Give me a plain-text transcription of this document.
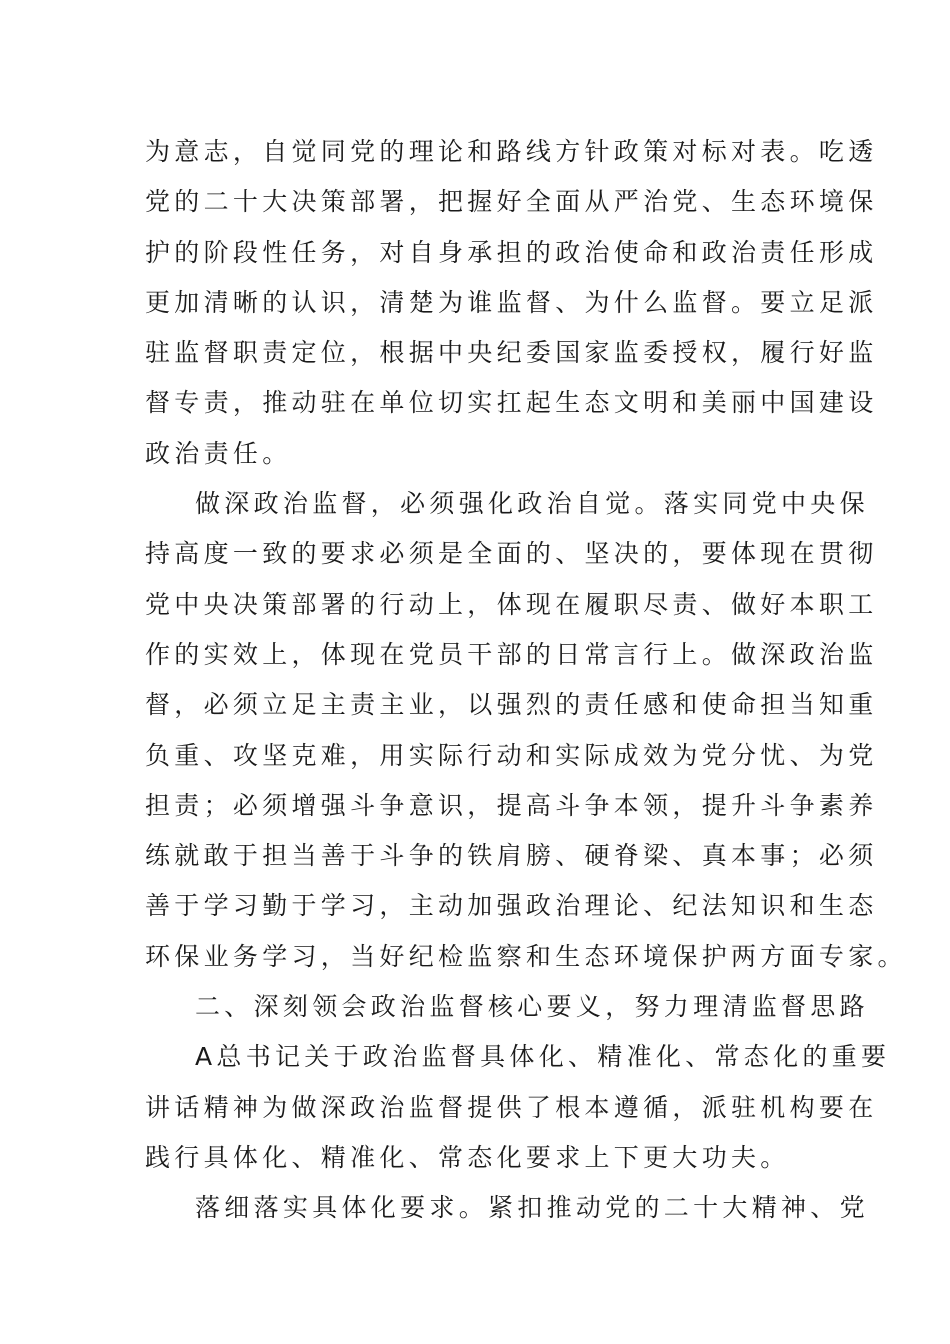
为意志，自觉同党的理论和路线方针政策对标对表。吃透
党的二十大决策部署，把握好全面从严治党、生态环境保
护的阶段性任务，对自身承担的政治使命和政治责任形成
更加清晰的认识，清楚为谁监督、为什么监督。要立足派
驻监督职责定位，根据中央纪委国家监委授权，履行好监
督专责，推动驻在单位切实扛起生态文明和美丽中国建设
政治责任。
做深政治监督，必须强化政治自觉。落实同党中央保
持高度一致的要求必须是全面的、坚决的，要体现在贯彻
党中央决策部署的行动上，体现在履职尽责、做好本职工
作的实效上，体现在党员干部的日常言行上。做深政治监
督，必须立足主责主业，以强烈的责任感和使命担当知重
负重、攻坚克难，用实际行动和实际成效为党分忧、为党
担责；必须增强斗争意识，提高斗争本领，提升斗争素养
练就敢于担当善于斗争的铁肩膀、硬脊梁、真本事；必须
善于学习勤于学习，主动加强政治理论、纪法知识和生态
环保业务学习，当好纪检监察和生态环境保护两方面专家。
二、深刻领会政治监督核心要义，努力理清监督思路
A总书记关于政治监督具体化、精准化、常态化的重要
讲话精神为做深政治监督提供了根本遵循，派驻机构要在
践行具体化、精准化、常态化要求上下更大功夫。
落细落实具体化要求。紧扣推动党的二十大精神、党
